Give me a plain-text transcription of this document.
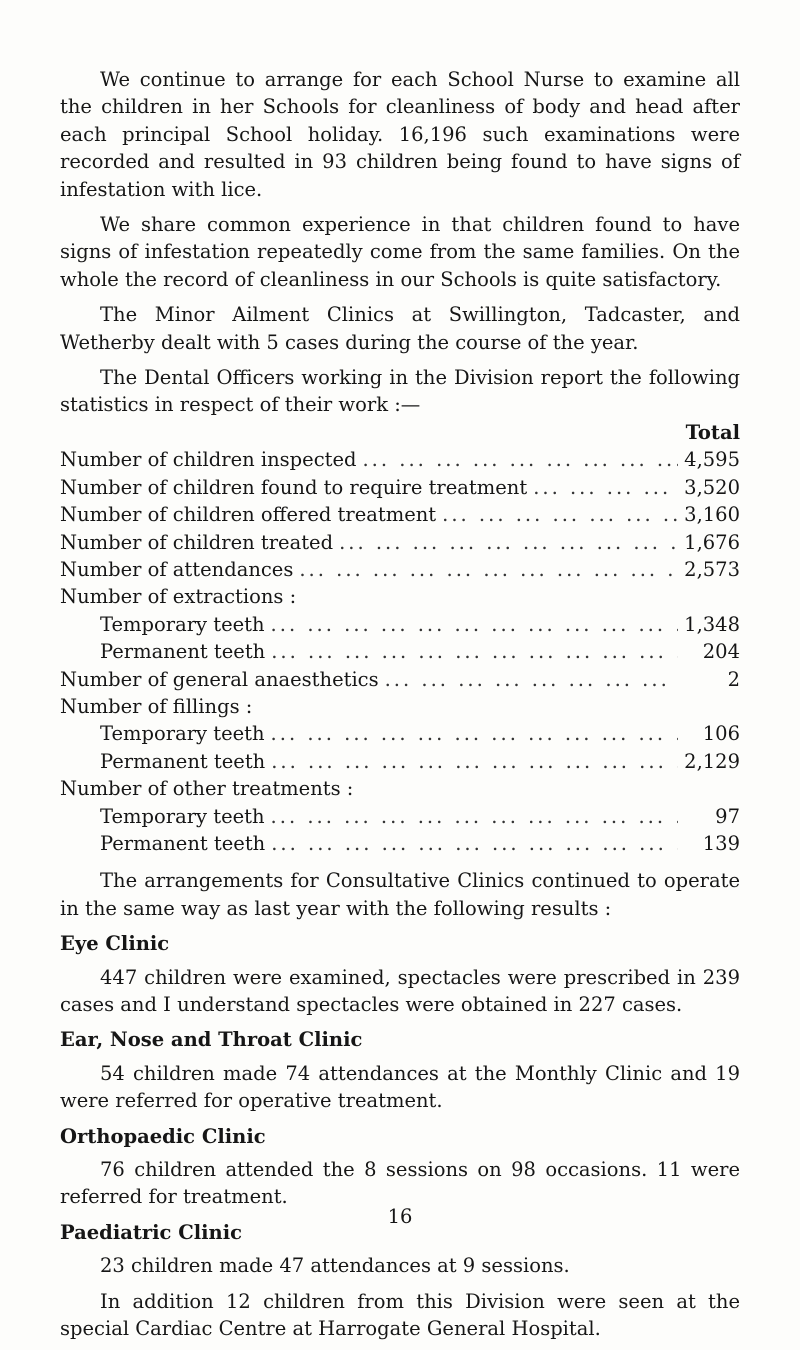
We continue to arrange for each School Nurse to examine all the children in her Schools for cleanliness of body and head after each principal School holiday. 16,196 such examinations were recorded and resulted in 93 children being found to have signs of infestation with lice.

We share common experience in that children found to have signs of infestation repeatedly come from the same families. On the whole the record of cleanliness in our Schools is quite satisfactory.

The Minor Ailment Clinics at Swillington, Tadcaster, and Wetherby dealt with 5 cases during the course of the year.

The Dental Officers working in the Division report the following statistics in respect of their work :—

Total
Number of children inspected ... .	4,595
Number of children found to require treatment ... .	3,520
Number of children offered treatment ... .	3,160
Number of children treated ... .	1,676
Number of attendances ... .	2,573
Number of extractions :
Temporary teeth ... .	1,348
Permanent teeth ... .	204
Number of general anaesthetics ... .	2
Number of fillings :
Temporary teeth ... .	106
Permanent teeth ... .	2,129
Number of other treatments :
Temporary teeth ... .	97
Permanent teeth ... .	139

The arrangements for Consultative Clinics continued to operate in the same way as last year with the following results :

Eye Clinic

447 children were examined, spectacles were prescribed in 239 cases and I understand spectacles were obtained in 227 cases.

Ear, Nose and Throat Clinic

54 children made 74 attendances at the Monthly Clinic and 19 were referred for operative treatment.

Orthopaedic Clinic

76 children attended the 8 sessions on 98 occasions. 11 were referred for treatment.

Paediatric Clinic

23 children made 47 attendances at 9 sessions.

In addition 12 children from this Division were seen at the special Cardiac Centre at Harrogate General Hospital.

16
